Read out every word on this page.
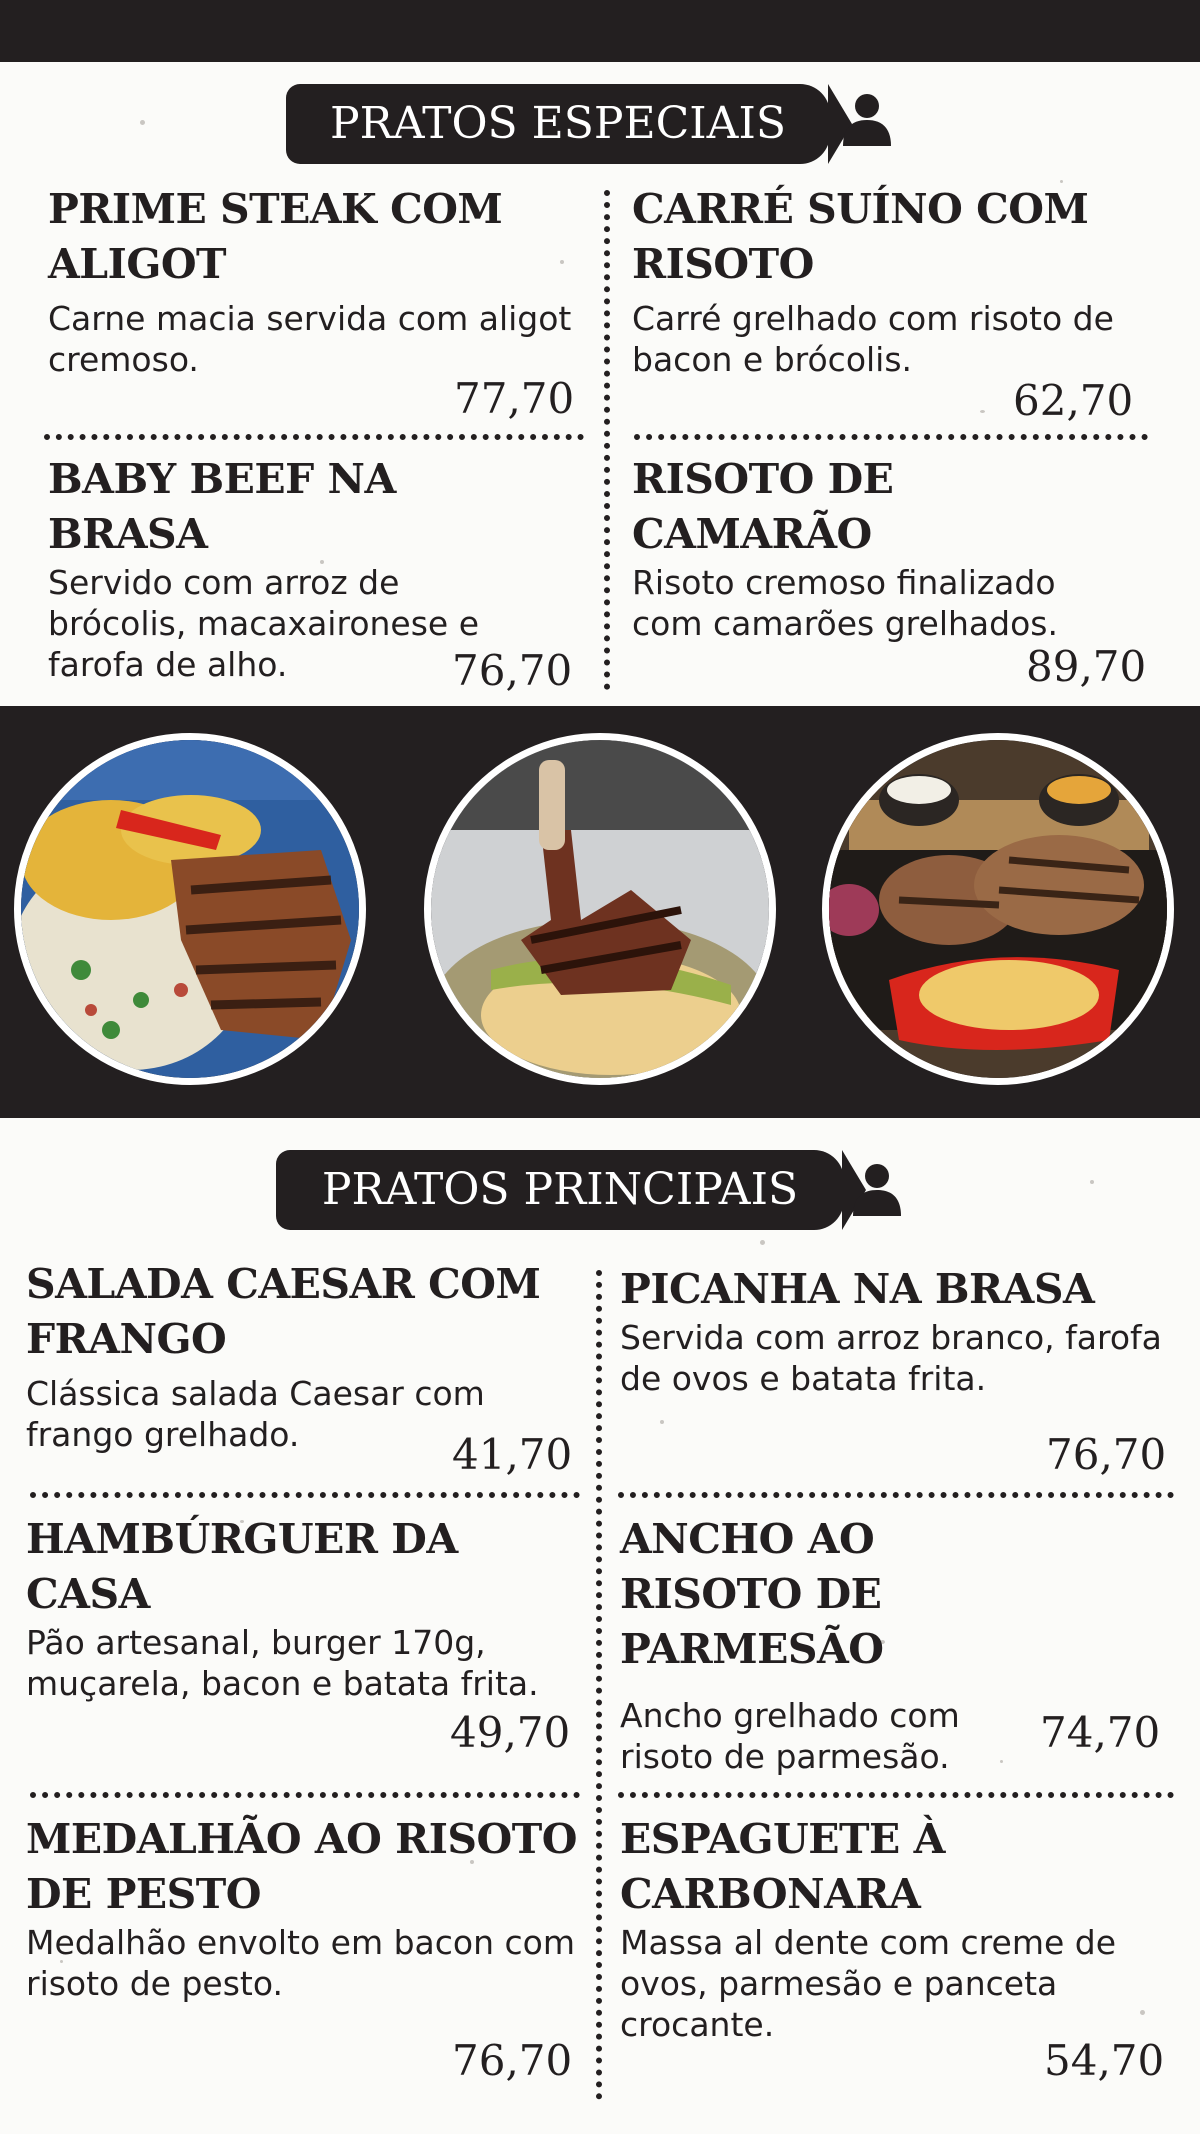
PRATOS ESPECIAIS
PRIME STEAK COM ALIGOT

Carne macia servida com aligot cremoso.

77,70
CARRÉ SUÍNO COM RISOTO

Carré grelhado com risoto de bacon e brócolis.

62,70
BABY BEEF NA BRASA

Servido com arroz de brócolis, macaxaironese e farofa de alho.	76,70
RISOTO DE CAMARÃO

Risoto cremoso finalizado com camarões grelhados.

89,70
PRATOS PRINCIPAIS
SALADA CAESAR COM FRANGO

Clássica salada Caesar com frango grelhado.	41,70
PICANHA NA BRASA

Servida com arroz branco, farofa de ovos e batata frita.

76,70
HAMBÚRGUER DA CASA

Pão artesanal, burger 170g, muçarela, bacon e batata frita.

49,70
ANCHO AO RISOTO DE PARMESÃO

Ancho grelhado com risoto de parmesão.	74,70
MEDALHÃO AO RISOTO DE PESTO

Medalhão envolto em bacon com risoto de pesto.

76,70
ESPAGUETE À CARBONARA

Massa al dente com creme de ovos, parmesão e panceta crocante.

54,70
